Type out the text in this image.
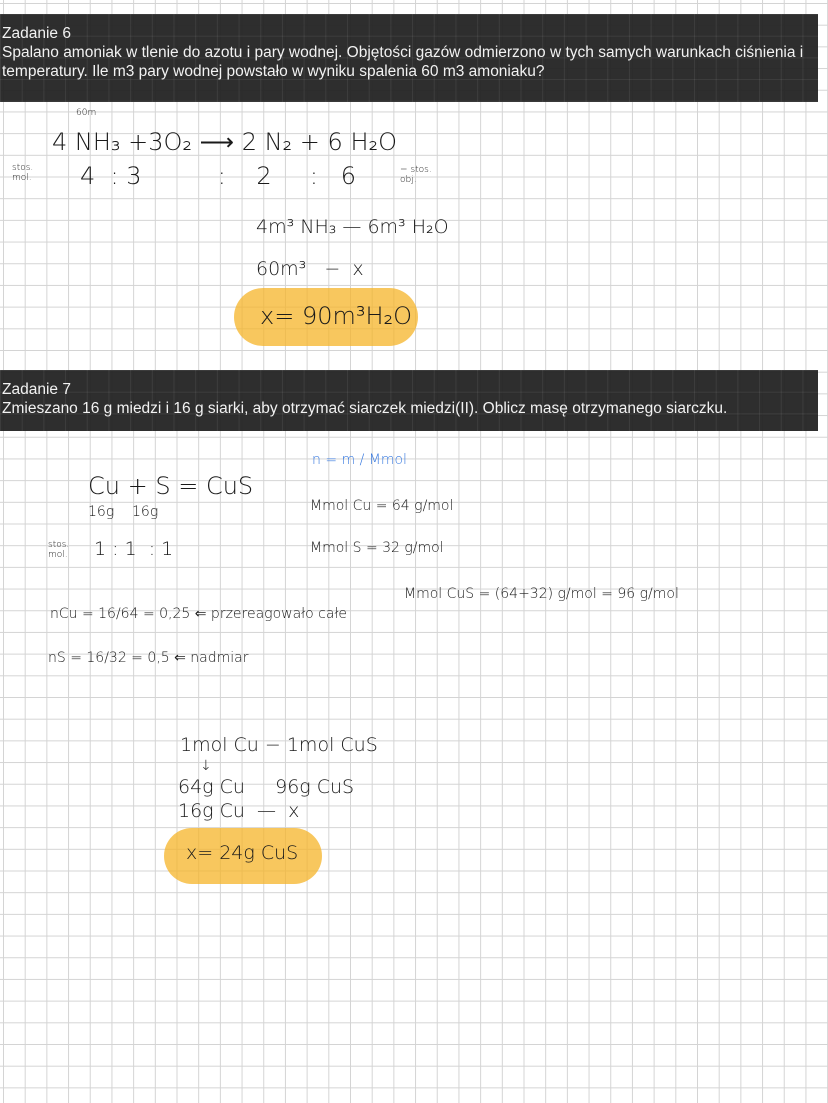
Zadanie 6
Spalano amoniak w tlenie do azotu i pary wodnej. Objętości gazów odmierzono w tych samych warunkach ciśnienia i temperatury. Ile m3 pary wodnej powstało w wyniku spalenia 60 m3 amoniaku?
60m
4 NH₃ +3O₂ ⟶ 2 N₂ + 6 H₂O
stos. mol.	4  : 3          :    2     :   6	= stos. obj.
4m³ NH₃ — 6m³ H₂O
60m³   −  x
x= 90m³H₂O
Zadanie 7
Zmieszano 16 g miedzi i 16 g siarki, aby otrzymać siarczek miedzi(II). Oblicz masę otrzymanego siarczku.
n = m / Mmol
Cu + S = CuS
16g    16g
stos. mol. 1 : 1  : 1
Mmol Cu = 64 g/mol
Mmol S = 32 g/mol
Mmol CuS = (64+32) g/mol = 96 g/mol
nCu = 16/64 = 0,25 ⇐ przereagowało całe
nS = 16/32 = 0,5 ⇐ nadmiar
1mol Cu − 1mol CuS
↓
64g Cu     96g CuS
16g Cu  —  x
x= 24g CuS
